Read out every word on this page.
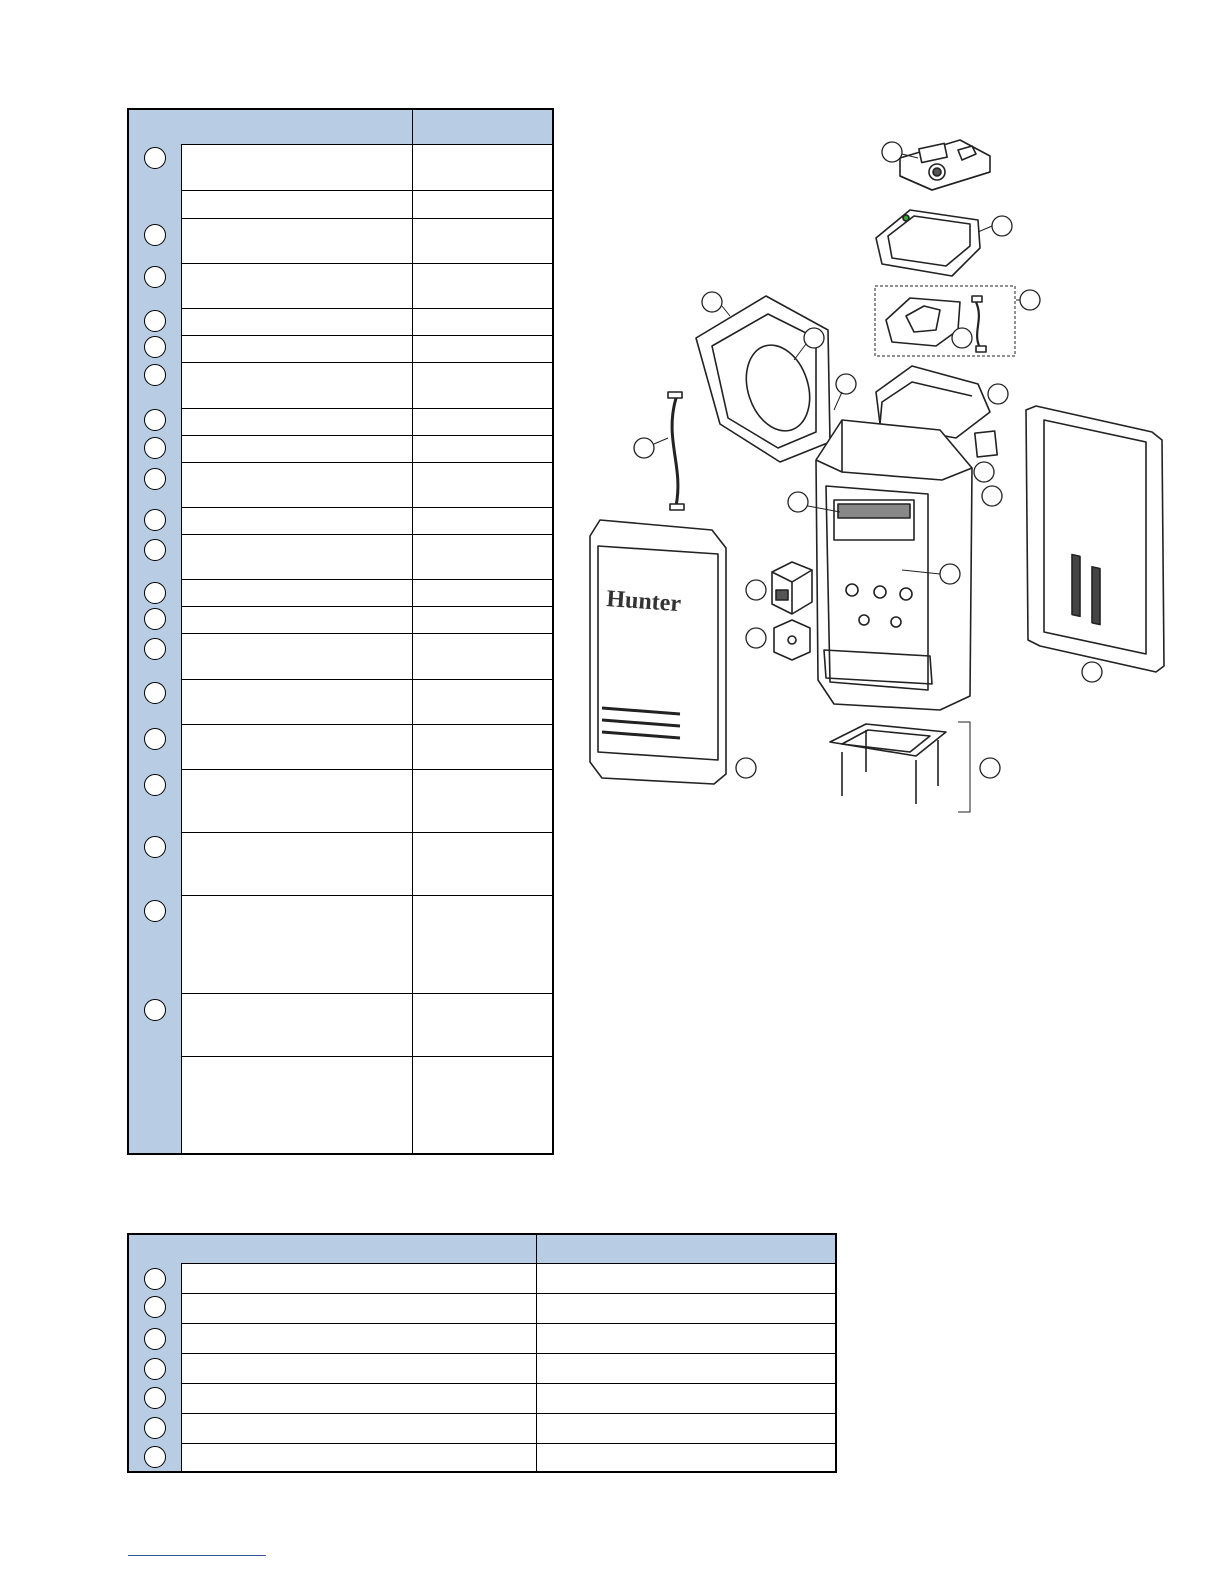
Hunter
